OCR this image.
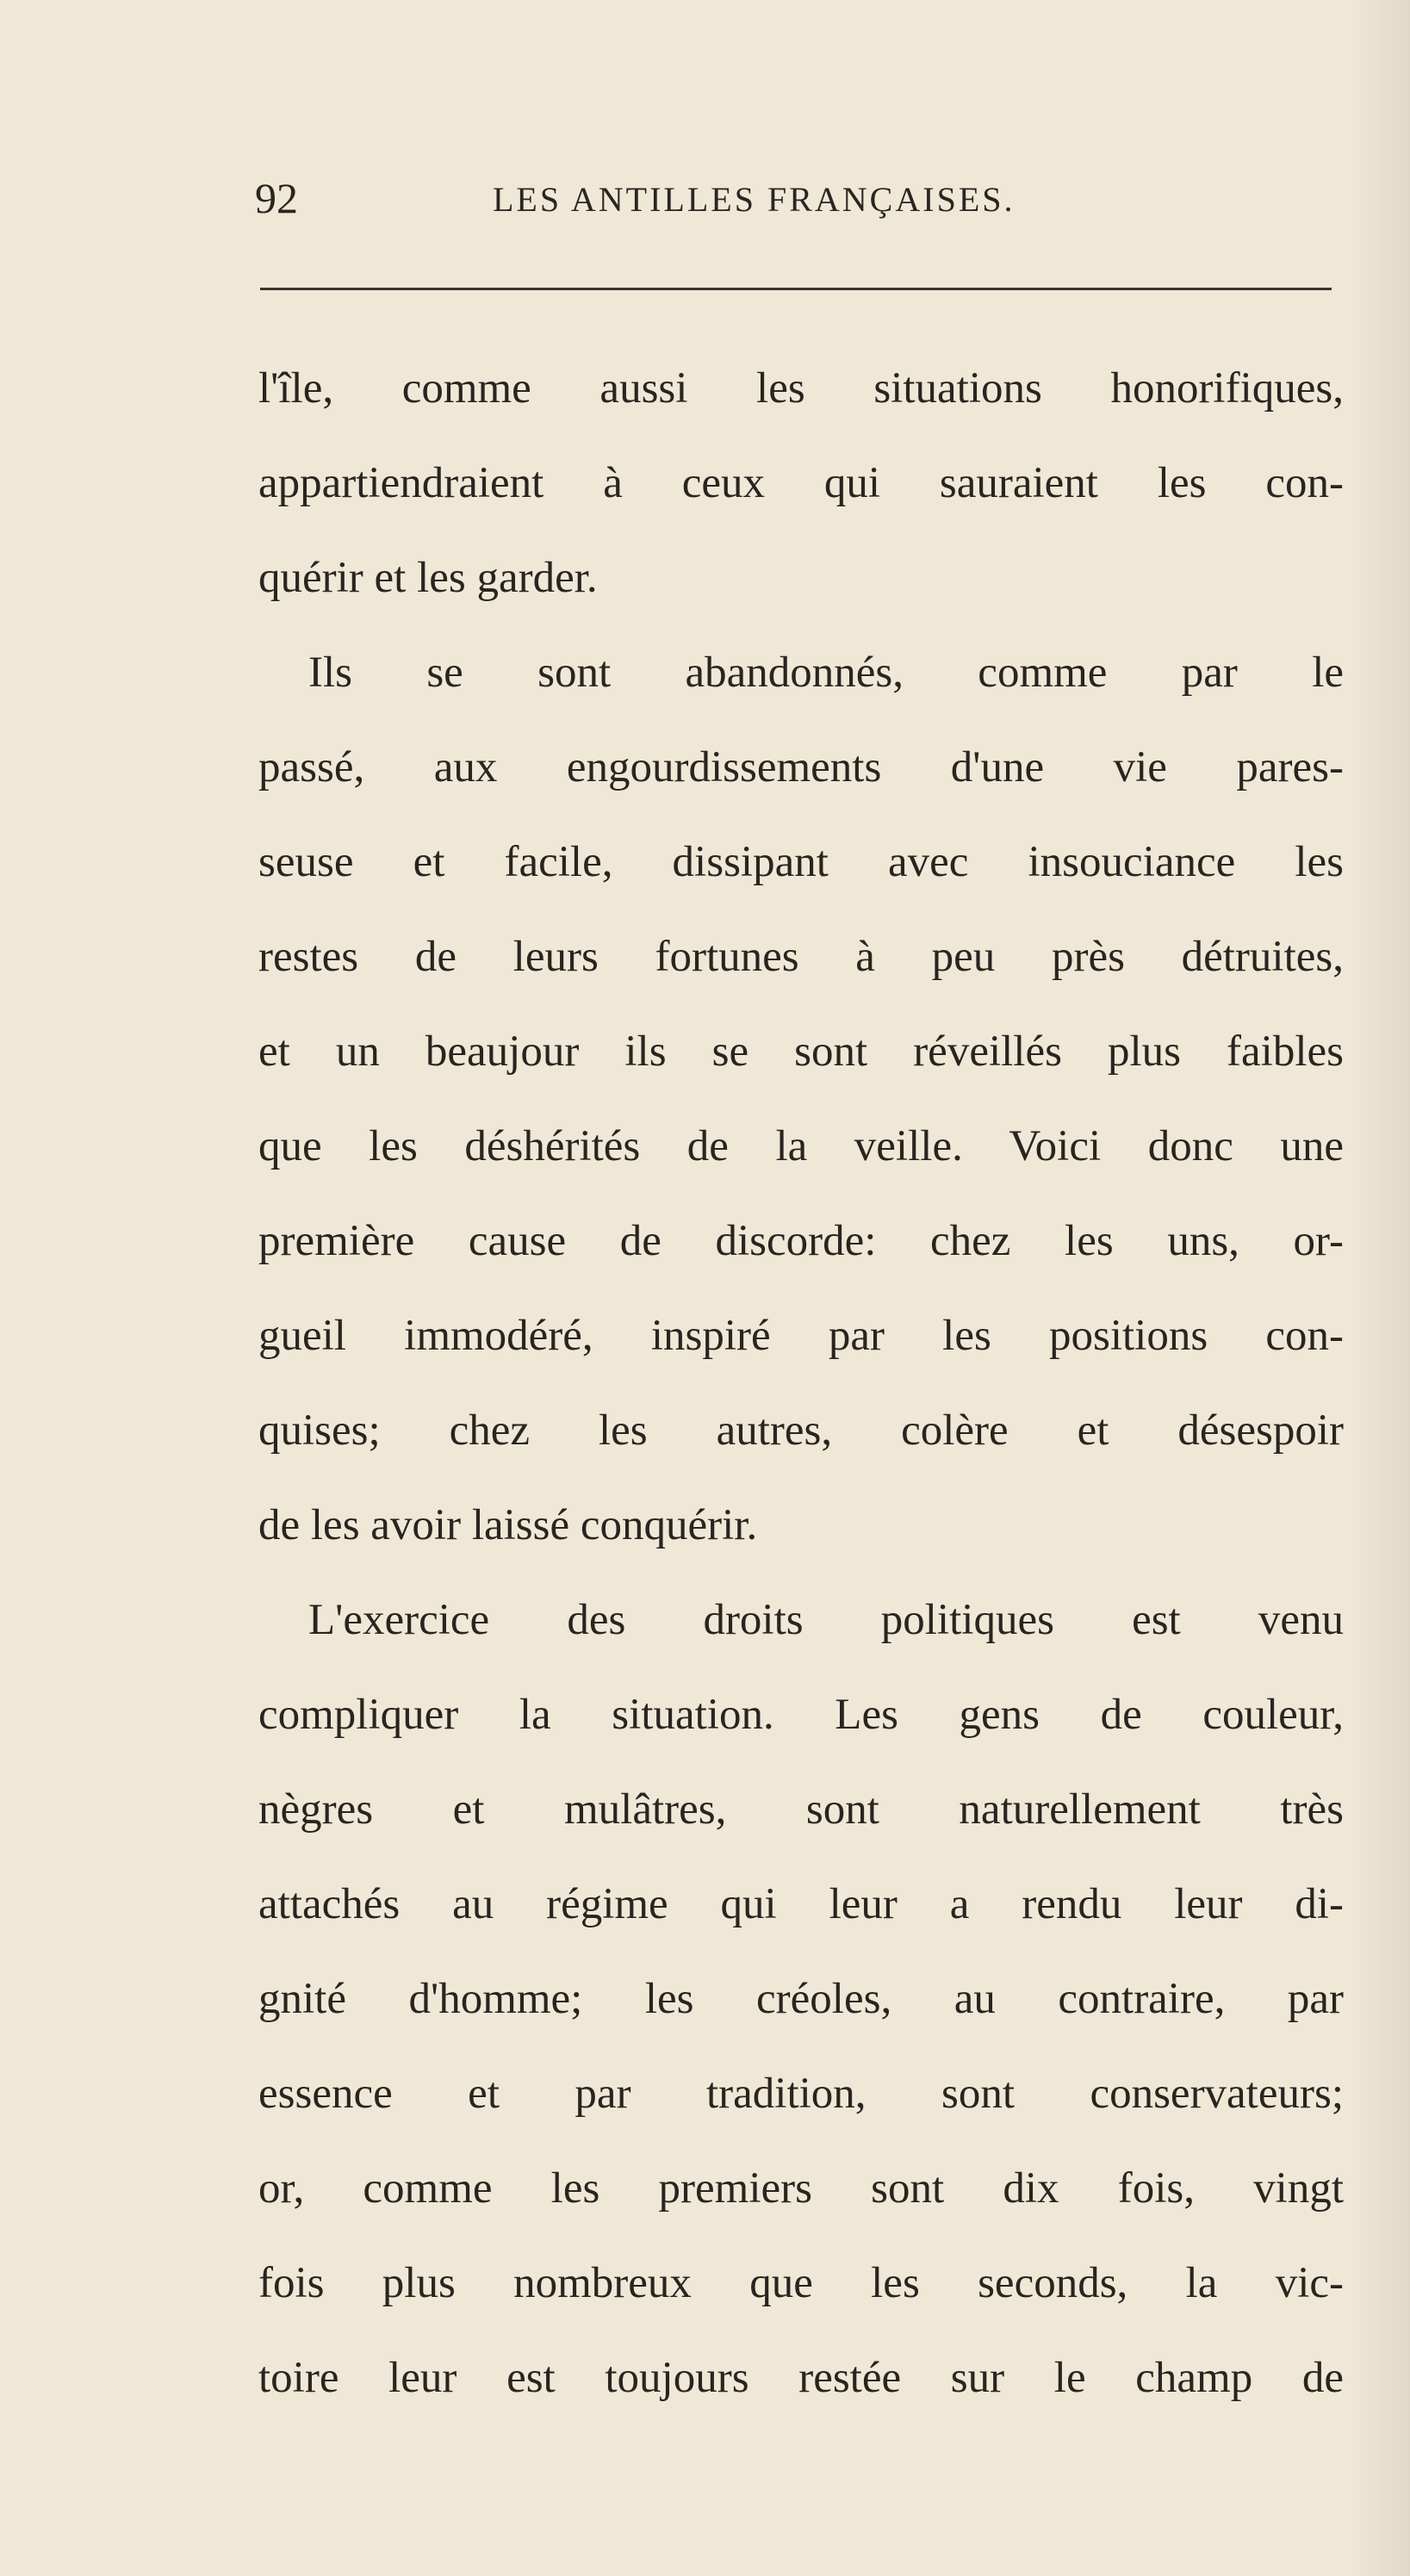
92	LES ANTILLES FRANÇAISES.
l'île, comme aussi les situations honorifiques,
appartiendraient à ceux qui sauraient les con-
quérir et les garder.
Ils se sont abandonnés, comme par le
passé, aux engourdissements d'une vie pares-
seuse et facile, dissipant avec insouciance les
restes de leurs fortunes à peu près détruites,
et un beaujour ils se sont réveillés plus faibles
que les déshérités de la veille. Voici donc une
première cause de discorde: chez les uns, or-
gueil immodéré, inspiré par les positions con-
quises; chez les autres, colère et désespoir
de les avoir laissé conquérir.
L'exercice des droits politiques est venu
compliquer la situation. Les gens de couleur,
nègres et mulâtres, sont naturellement très
attachés au régime qui leur a rendu leur di-
gnité d'homme; les créoles, au contraire, par
essence et par tradition, sont conservateurs;
or, comme les premiers sont dix fois, vingt
fois plus nombreux que les seconds, la vic-
toire leur est toujours restée sur le champ de
